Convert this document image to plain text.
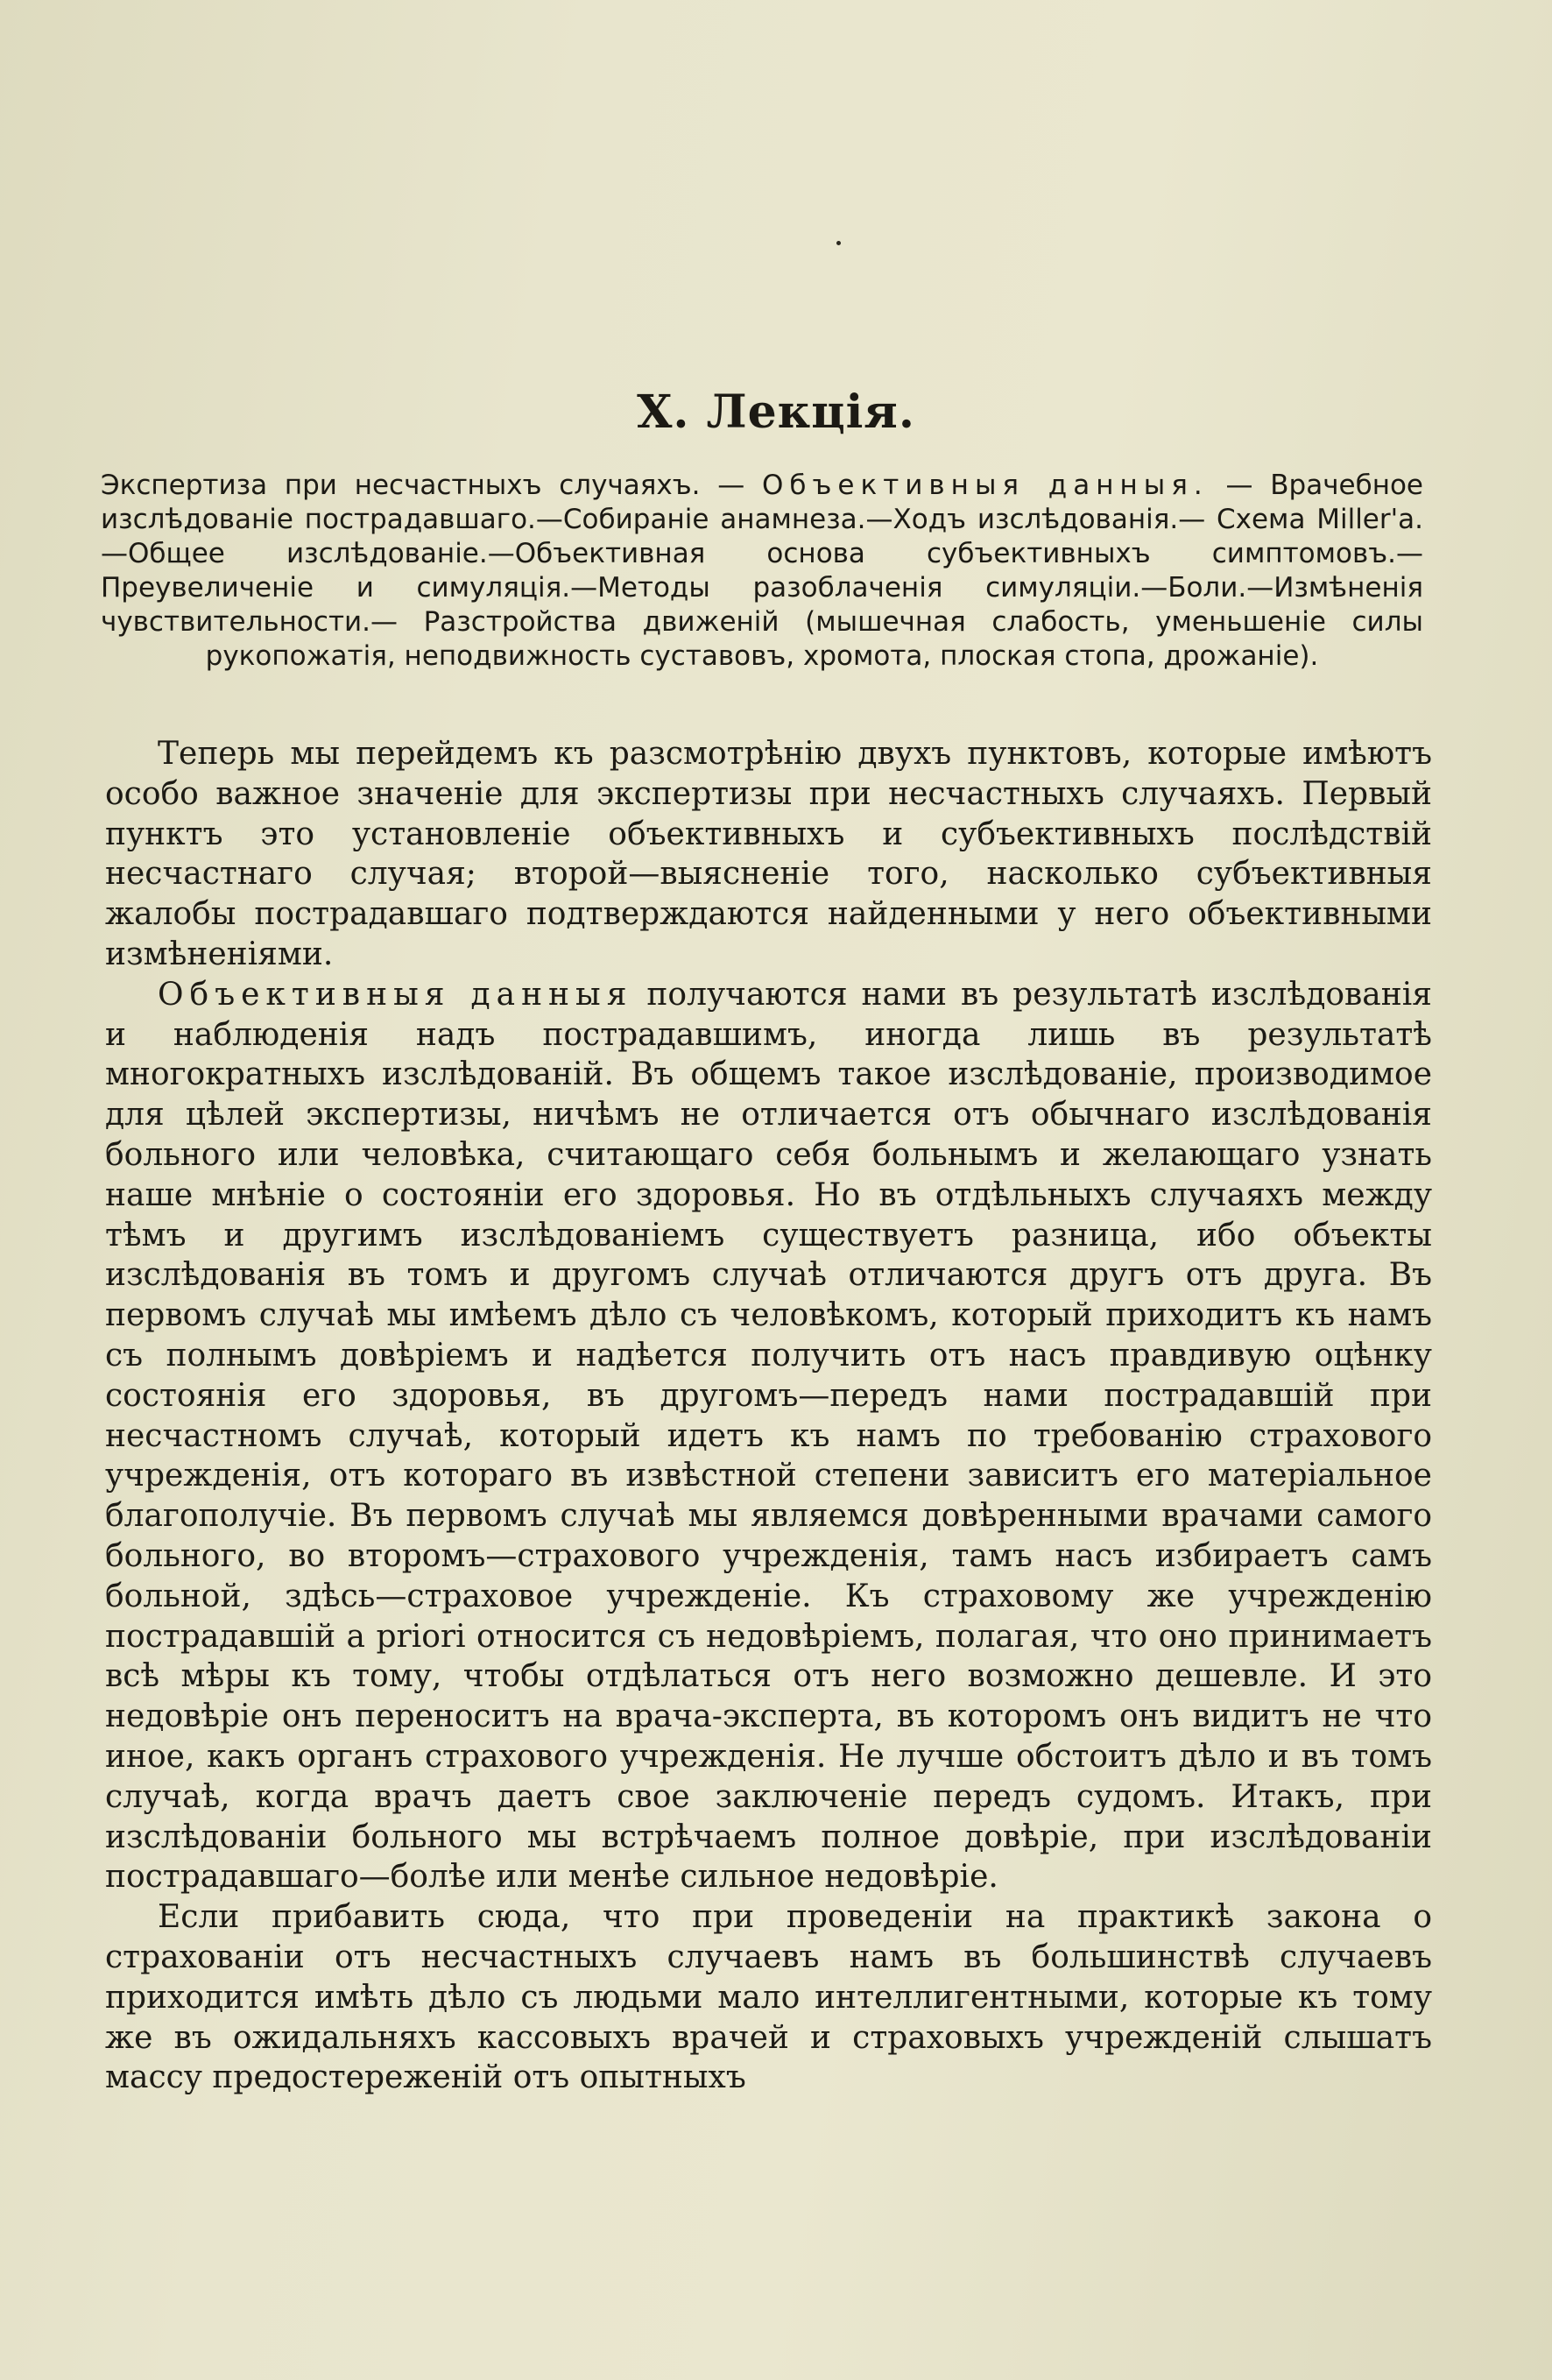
X. Лекція.
Экспертиза при несчастныхъ случаяхъ. — Объективныя данныя. — Врачебное изслѣдованіе пострадавшаго.—Собираніе анамнеза.—Ходъ изслѣдованія.— Схема Miller'a.—Общее изслѣдованіе.—Объективная основа субъективныхъ симптомовъ.—Преувеличеніе и симуляція.—Методы разоблаченія симуляціи.—Боли.—Измѣненія чувствительности.— Разстройства движеній (мышечная слабость, уменьшеніе силы рукопожатія, неподвижность суставовъ, хромота, плоская стопа, дрожаніе).

Теперь мы перейдемъ къ разсмотрѣнію двухъ пунктовъ, которые имѣютъ особо важное значеніе для экспертизы при несчастныхъ случаяхъ. Первый пунктъ это установленіе объективныхъ и субъективныхъ послѣдствій несчастнаго случая; второй—выясненіе того, насколько субъективныя жалобы пострадавшаго подтверждаются найденными у него объективными измѣненіями.

Объективныя данныя получаются нами въ результатѣ изслѣдованія и наблюденія надъ пострадавшимъ, иногда лишь въ результатѣ многократныхъ изслѣдованій. Въ общемъ такое изслѣдованіе, производимое для цѣлей экспертизы, ничѣмъ не отличается отъ обычнаго изслѣдованія больного или человѣка, считающаго себя больнымъ и желающаго узнать наше мнѣніе о состояніи его здоровья. Но въ отдѣльныхъ случаяхъ между тѣмъ и другимъ изслѣдованіемъ существуетъ разница, ибо объекты изслѣдованія въ томъ и другомъ случаѣ отличаются другъ отъ друга. Въ первомъ случаѣ мы имѣемъ дѣло съ человѣкомъ, который приходитъ къ намъ съ полнымъ довѣріемъ и надѣется получить отъ насъ правдивую оцѣнку состоянія его здоровья, въ другомъ—передъ нами пострадавшій при несчастномъ случаѣ, который идетъ къ намъ по требованію страхового учрежденія, отъ котораго въ извѣстной степени зависитъ его матеріальное благополучіе. Въ первомъ случаѣ мы являемся довѣренными врачами самого больного, во второмъ—страхового учрежденія, тамъ насъ избираетъ самъ больной, здѣсь—страховое учрежденіе. Къ страховому же учрежденію пострадавшій a priori относится съ недовѣріемъ, полагая, что оно принимаетъ всѣ мѣры къ тому, чтобы отдѣлаться отъ него возможно дешевле. И это недовѣріе онъ переноситъ на врача-эксперта, въ которомъ онъ видитъ не что иное, какъ органъ страхового учрежденія. Не лучше обстоитъ дѣло и въ томъ случаѣ, когда врачъ даетъ свое заключеніе передъ судомъ. Итакъ, при изслѣдованіи больного мы встрѣчаемъ полное довѣріе, при изслѣдованіи пострадавшаго—болѣе или менѣе сильное недовѣріе.

Если прибавить сюда, что при проведеніи на практикѣ закона о страхованіи отъ несчастныхъ случаевъ намъ въ большинствѣ случаевъ приходится имѣть дѣло съ людьми мало интеллигентными, которые къ тому же въ ожидальняхъ кассовыхъ врачей и страховыхъ учрежденій слышатъ массу предостереженій отъ опытныхъ
